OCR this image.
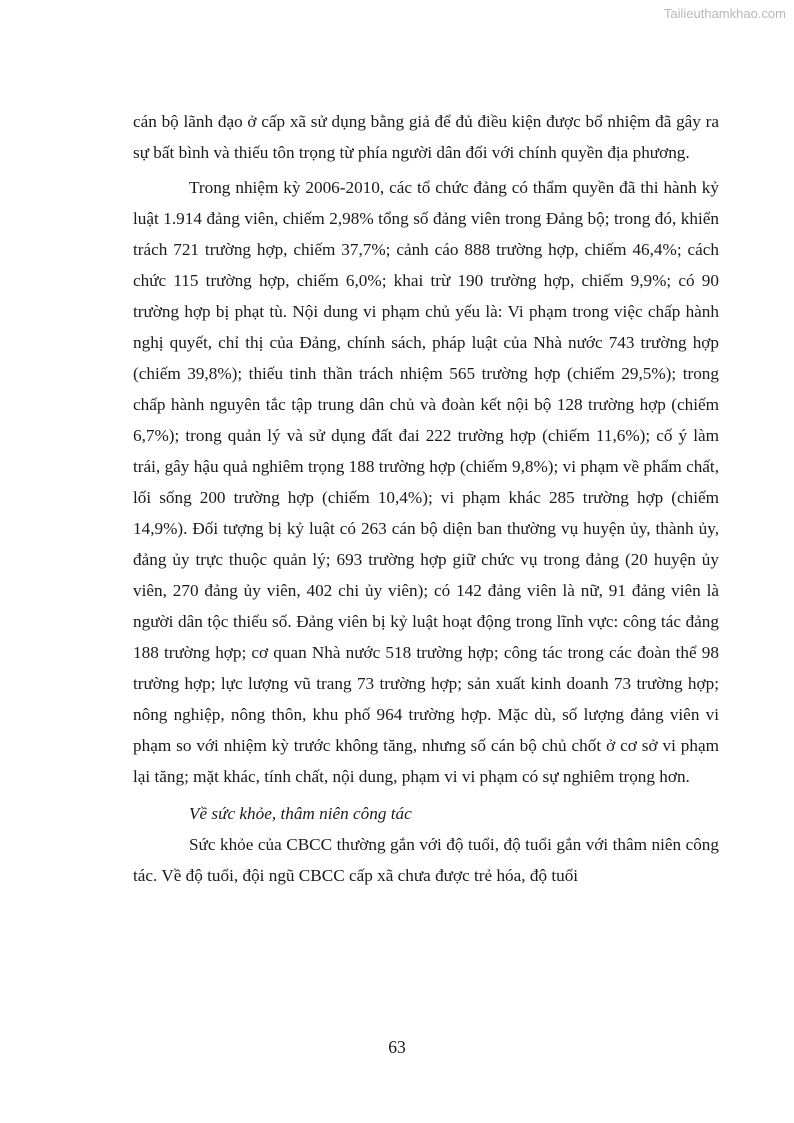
Tailieuthamkhao.com

cán bộ lãnh đạo ở cấp xã sử dụng bằng giả để đủ điều kiện được bổ nhiệm đã gây ra sự bất bình và thiếu tôn trọng từ phía người dân đối với chính quyền địa phương.

Trong nhiệm kỳ 2006-2010, các tổ chức đảng có thẩm quyền đã thi hành kỷ luật 1.914 đảng viên, chiếm 2,98% tổng số đảng viên trong Đảng bộ; trong đó, khiển trách 721 trường hợp, chiếm 37,7%; cảnh cáo 888 trường hợp, chiếm 46,4%; cách chức 115 trường hợp, chiếm 6,0%; khai trừ 190 trường hợp, chiếm 9,9%; có 90 trường hợp bị phạt tù. Nội dung vi phạm chủ yếu là: Vi phạm trong việc chấp hành nghị quyết, chỉ thị của Đảng, chính sách, pháp luật của Nhà nước 743 trường hợp (chiếm 39,8%); thiếu tinh thần trách nhiệm 565 trường hợp (chiếm 29,5%); trong chấp hành nguyên tắc tập trung dân chủ và đoàn kết nội bộ 128 trường hợp (chiếm 6,7%); trong quản lý và sử dụng đất đai 222 trường hợp (chiếm 11,6%); cố ý làm trái, gây hậu quả nghiêm trọng 188 trường hợp (chiếm 9,8%); vi phạm về phẩm chất, lối sống 200 trường hợp (chiếm 10,4%); vi phạm khác 285 trường hợp (chiếm 14,9%). Đối tượng bị kỷ luật có 263 cán bộ diện ban thường vụ huyện ủy, thành ủy, đảng ủy trực thuộc quản lý; 693 trường hợp giữ chức vụ trong đảng (20 huyện ủy viên, 270 đảng ủy viên, 402 chi ủy viên); có 142 đảng viên là nữ, 91 đảng viên là người dân tộc thiểu số. Đảng viên bị kỷ luật hoạt động trong lĩnh vực: công tác đảng 188 trường hợp; cơ quan Nhà nước 518 trường hợp; công tác trong các đoàn thể 98 trường hợp; lực lượng vũ trang 73 trường hợp; sản xuất kinh doanh 73 trường hợp; nông nghiệp, nông thôn, khu phố 964 trường hợp. Mặc dù, số lượng đảng viên vi phạm so với nhiệm kỳ trước không tăng, nhưng số cán bộ chủ chốt ở cơ sở vi phạm lại tăng; mặt khác, tính chất, nội dung, phạm vi vi phạm có sự nghiêm trọng hơn.

Về sức khỏe, thâm niên công tác

Sức khỏe của CBCC thường gắn với độ tuổi, độ tuổi gắn với thâm niên công tác. Về độ tuổi, đội ngũ CBCC cấp xã chưa được trẻ hóa, độ tuổi

63
